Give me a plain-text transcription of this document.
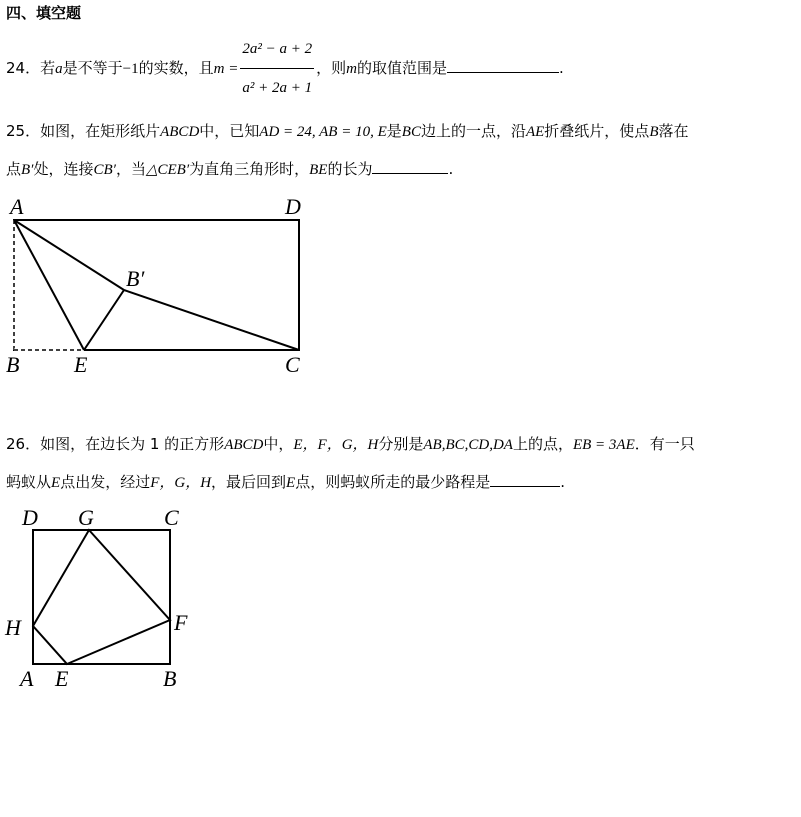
四、填空题
24．若a是不等于−1的实数，且$m = \frac{\text{2a² − a + 2}}{\text{a² + 2a + 1}}$ ，则m的取值范围是	.
25．如图，在矩形纸片ABCD中，已知AD = 24, AB = 10, E是BC边上的一点，沿AE折叠纸片，使点B落在
点B′处，连接CB′，当△CEB′为直角三角形时，BE的长为	.
A	D
B′
B E	C
26．如图，在边长为 1 的正方形ABCD中，E，F，G，H分别是AB,BC,CD,DA上的点，EB = 3AE．有一只
蚂蚁从E点出发，经过F，G，H，最后回到E点，则蚂蚁所走的最少路程是	.
D G	C
H	F
A E	B
